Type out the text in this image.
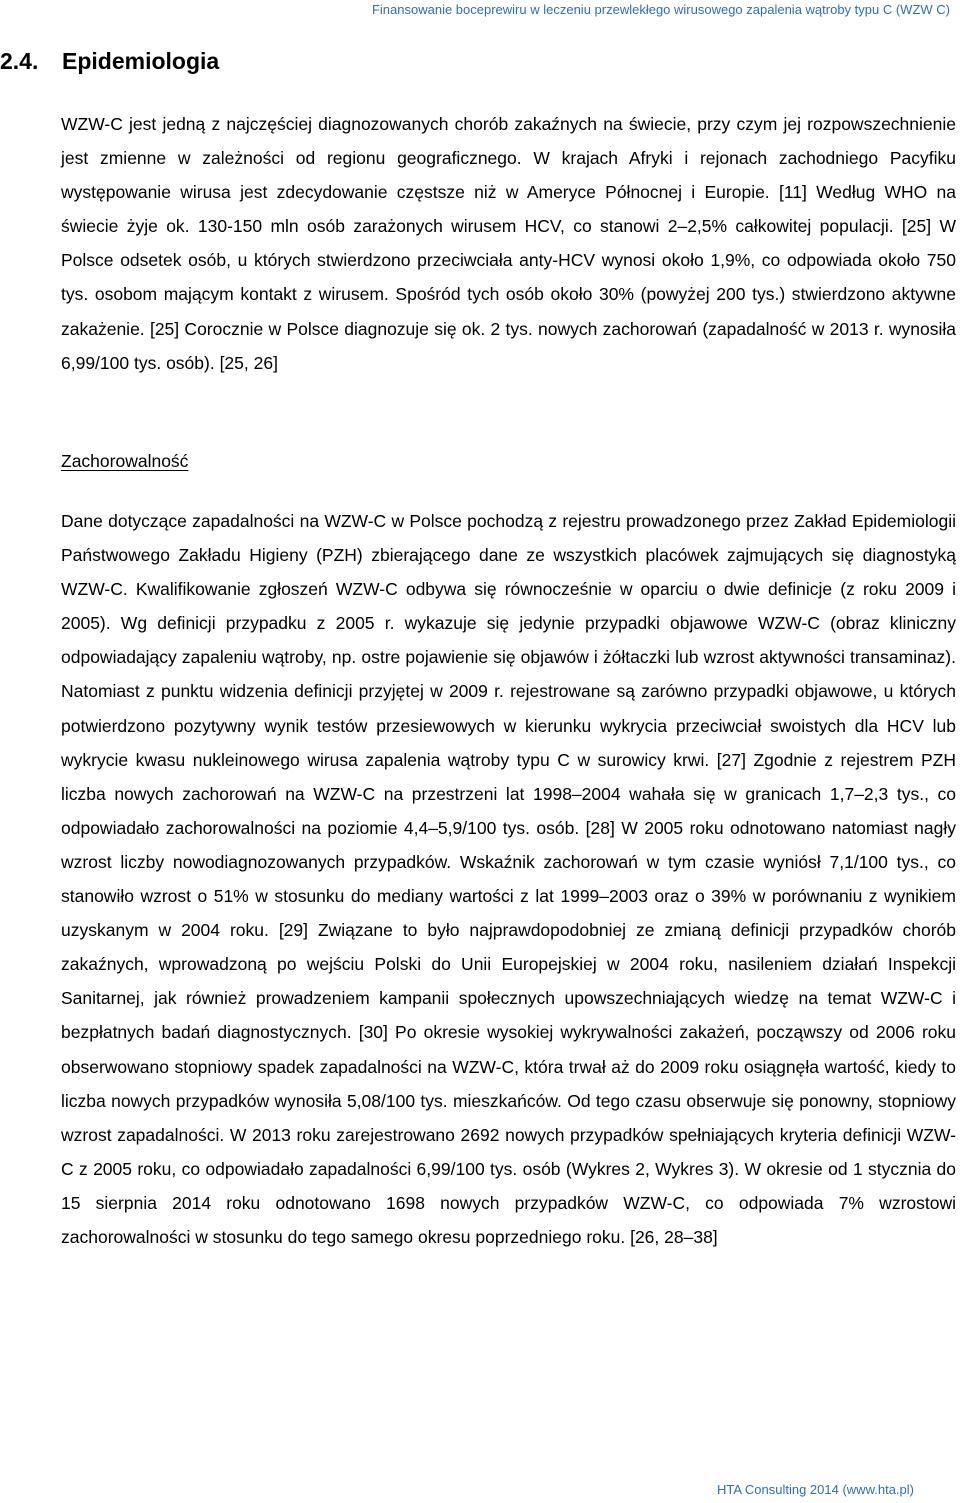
Finansowanie boceprewiru w leczeniu przewlekłego wirusowego zapalenia wątroby typu C (WZW C)
2.4. Epidemiologia

WZW-C jest jedną z najczęściej diagnozowanych chorób zakaźnych na świecie, przy czym jej rozpowszechnienie jest zmienne w zależności od regionu geograficznego. W krajach Afryki i rejonach zachodniego Pacyfiku występowanie wirusa jest zdecydowanie częstsze niż w Ameryce Północnej i Europie. [11] Według WHO na świecie żyje ok. 130-150 mln osób zarażonych wirusem HCV, co stanowi 2–2,5% całkowitej populacji. [25] W Polsce odsetek osób, u których stwierdzono przeciwciała anty-HCV wynosi około 1,9%, co odpowiada około 750 tys. osobom mającym kontakt z wirusem. Spośród tych osób około 30% (powyżej 200 tys.) stwierdzono aktywne zakażenie. [25] Corocznie w Polsce diagnozuje się ok. 2 tys. nowych zachorowań (zapadalność w 2013 r. wynosiła 6,99/100 tys. osób). [25, 26]

Zachorowalność

Dane dotyczące zapadalności na WZW-C w Polsce pochodzą z rejestru prowadzonego przez Zakład Epidemiologii Państwowego Zakładu Higieny (PZH) zbierającego dane ze wszystkich placówek zajmujących się diagnostyką WZW-C. Kwalifikowanie zgłoszeń WZW-C odbywa się równocześnie w oparciu o dwie definicje (z roku 2009 i 2005). Wg definicji przypadku z 2005 r. wykazuje się jedynie przypadki objawowe WZW-C (obraz kliniczny odpowiadający zapaleniu wątroby, np. ostre pojawienie się objawów i żółtaczki lub wzrost aktywności transaminaz). Natomiast z punktu widzenia definicji przyjętej w 2009 r. rejestrowane są zarówno przypadki objawowe, u których potwierdzono pozytywny wynik testów przesiewowych w kierunku wykrycia przeciwciał swoistych dla HCV lub wykrycie kwasu nukleinowego wirusa zapalenia wątroby typu C w surowicy krwi. [27] Zgodnie z rejestrem PZH liczba nowych zachorowań na WZW-C na przestrzeni lat 1998–2004 wahała się w granicach 1,7–2,3 tys., co odpowiadało zachorowalności na poziomie 4,4–5,9/100 tys. osób. [28] W 2005 roku odnotowano natomiast nagły wzrost liczby nowodiagnozowanych przypadków. Wskaźnik zachorowań w tym czasie wyniósł 7,1/100 tys., co stanowiło wzrost o 51% w stosunku do mediany wartości z lat 1999–2003 oraz o 39% w porównaniu z wynikiem uzyskanym w 2004 roku. [29] Związane to było najprawdopodobniej ze zmianą definicji przypadków chorób zakaźnych, wprowadzoną po wejściu Polski do Unii Europejskiej w 2004 roku, nasileniem działań Inspekcji Sanitarnej, jak również prowadzeniem kampanii społecznych upowszechniających wiedzę na temat WZW-C i bezpłatnych badań diagnostycznych. [30] Po okresie wysokiej wykrywalności zakażeń, począwszy od 2006 roku obserwowano stopniowy spadek zapadalności na WZW-C, która trwał aż do 2009 roku osiągnęła wartość, kiedy to liczba nowych przypadków wynosiła 5,08/100 tys. mieszkańców. Od tego czasu obserwuje się ponowny, stopniowy wzrost zapadalności. W 2013 roku zarejestrowano 2692 nowych przypadków spełniających kryteria definicji WZW-C z 2005 roku, co odpowiadało zapadalności 6,99/100 tys. osób (Wykres 2, Wykres 3). W okresie od 1 stycznia do 15 sierpnia 2014 roku odnotowano 1698 nowych przypadków WZW-C, co odpowiada 7% wzrostowi zachorowalności w stosunku do tego samego okresu poprzedniego roku. [26, 28–38]

HTA Consulting 2014 (www.hta.pl)
